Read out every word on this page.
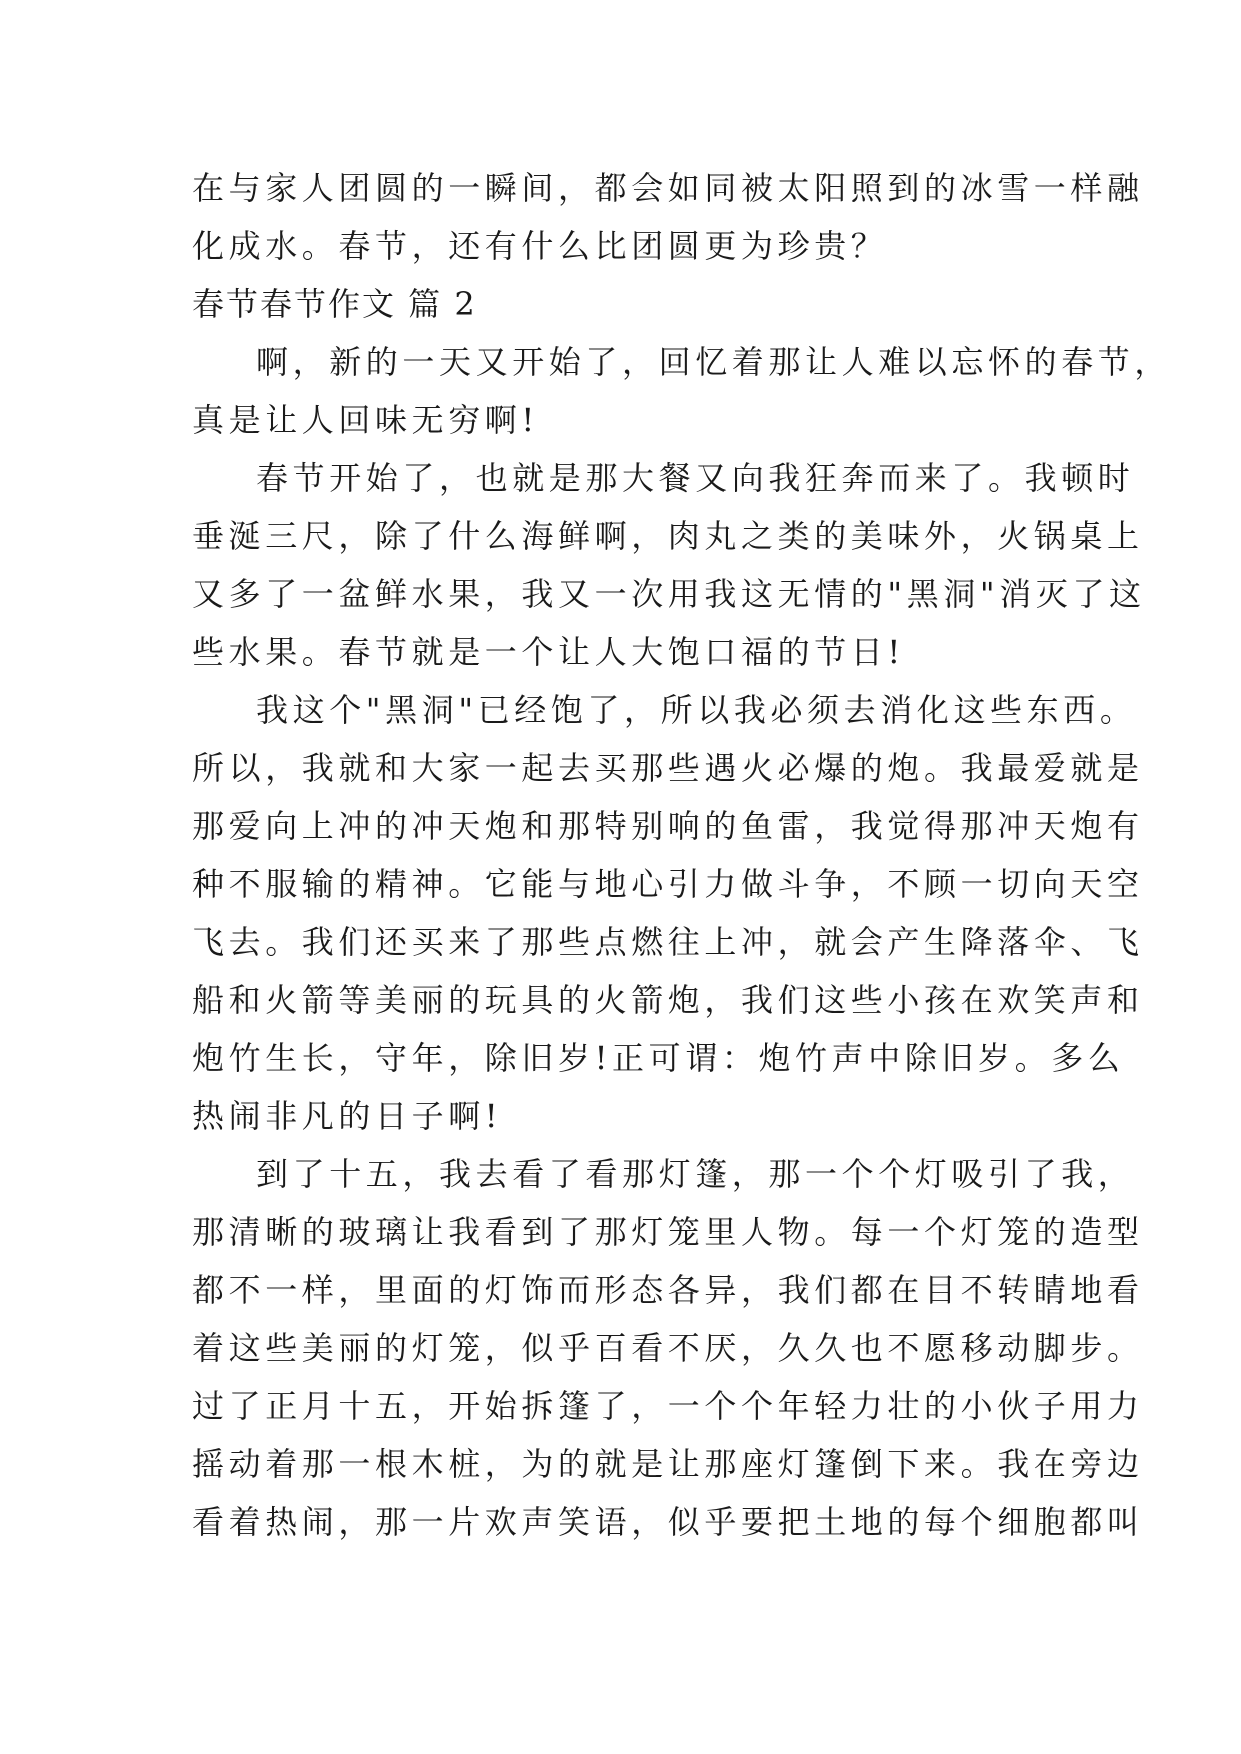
在与家人团圆的一瞬间，都会如同被太阳照到的冰雪一样融
化成水。春节，还有什么比团圆更为珍贵？
春节春节作文 篇 2
啊，新的一天又开始了，回忆着那让人难以忘怀的春节，
真是让人回味无穷啊!
春节开始了，也就是那大餐又向我狂奔而来了。我顿时
垂涎三尺，除了什么海鲜啊，肉丸之类的美味外，火锅桌上
又多了一盆鲜水果，我又一次用我这无情的"黑洞"消灭了这
些水果。春节就是一个让人大饱口福的节日!
我这个"黑洞"已经饱了，所以我必须去消化这些东西。
所以，我就和大家一起去买那些遇火必爆的炮。我最爱就是
那爱向上冲的冲天炮和那特别响的鱼雷，我觉得那冲天炮有
种不服输的精神。它能与地心引力做斗争，不顾一切向天空
飞去。我们还买来了那些点燃往上冲，就会产生降落伞、飞
船和火箭等美丽的玩具的火箭炮，我们这些小孩在欢笑声和
炮竹生长，守年，除旧岁!正可谓：炮竹声中除旧岁。多么
热闹非凡的日子啊!
到了十五，我去看了看那灯篷，那一个个灯吸引了我，
那清晰的玻璃让我看到了那灯笼里人物。每一个灯笼的造型
都不一样，里面的灯饰而形态各异，我们都在目不转睛地看
着这些美丽的灯笼，似乎百看不厌，久久也不愿移动脚步。
过了正月十五，开始拆篷了，一个个年轻力壮的小伙子用力
摇动着那一根木桩，为的就是让那座灯篷倒下来。我在旁边
看着热闹，那一片欢声笑语，似乎要把土地的每个细胞都叫
